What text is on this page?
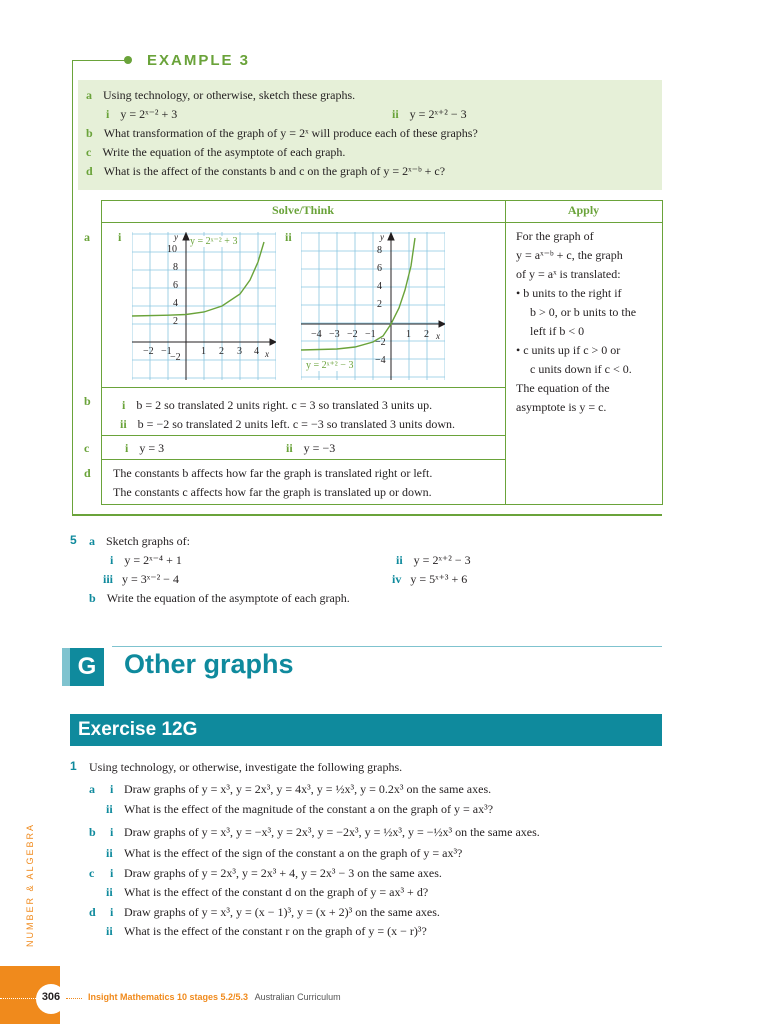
EXAMPLE 3
a Using technology, or otherwise, sketch these graphs.
i y = 2ˣ⁻² + 3	ii y = 2ˣ⁺² − 3
b What transformation of the graph of y = 2ˣ will produce each of these graphs?
c Write the equation of the asymptote of each graph.
d What is the affect of the constants b and c on the graph of y = 2ˣ⁻ᵇ + c?
Solve/Think	Apply
a i	ii
y = 2ˣ⁻² + 3
y
x
10
8
6
4
2
−2
−2 −1	1 2 3 4
y = 2ˣ⁺² − 3
y
x
8
6
4
2
−2
−4
−4 −3 −2 −1	1 2
b	i b = 2 so translated 2 units right. c = 3 so translated 3 units up.
ii b = −2 so translated 2 units left. c = −3 so translated 3 units down.
c	i y = 3	ii y = −3
d The constants b affects how far the graph is translated right or left.
The constants c affects how far the graph is translated up or down.
For the graph of
y = aˣ⁻ᵇ + c, the graph
of y = aˣ is translated:
• b units to the right if
b > 0, or b units to the
left if b < 0
• c units up if c > 0 or
c units down if c < 0.
The equation of the
asymptote is y = c.
5 a Sketch graphs of:
i y = 2ˣ⁻⁴ + 1	ii y = 2ˣ⁺² − 3
iii y = 3ˣ⁻² − 4	iv y = 5ˣ⁺³ + 6
b Write the equation of the asymptote of each graph.
G Other graphs
Exercise 12G
1 Using technology, or otherwise, investigate the following graphs.
a i Draw graphs of y = x³, y = 2x³, y = 4x³, y = ½x³, y = 0.2x³ on the same axes.
ii What is the effect of the magnitude of the constant a on the graph of y = ax³?
b i Draw graphs of y = x³, y = −x³, y = 2x³, y = −2x³, y = ½x³, y = −½x³ on the same axes.
ii What is the effect of the sign of the constant a on the graph of y = ax³?
c i Draw graphs of y = 2x³, y = 2x³ + 4, y = 2x³ − 3 on the same axes.
ii What is the effect of the constant d on the graph of y = ax³ + d?
d i Draw graphs of y = x³, y = (x − 1)³, y = (x + 2)³ on the same axes.
ii What is the effect of the constant r on the graph of y = (x − r)³?
NUMBER & ALGEBRA
306	Insight Mathematics 10 stages 5.2/5.3 Australian Curriculum
